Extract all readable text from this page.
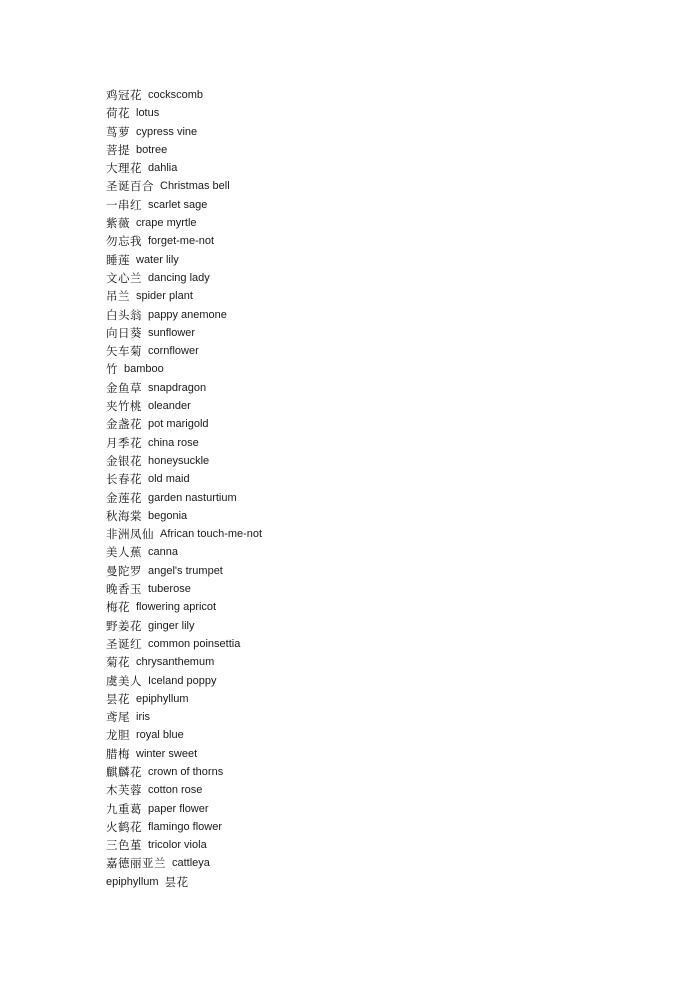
鸡冠花 cockscomb
荷花 lotus
茑萝 cypress vine
菩提 botree
大理花 dahlia
圣诞百合 Christmas bell
一串红 scarlet sage
紫薇 crape myrtle
勿忘我 forget-me-not
睡莲 water lily
文心兰 dancing lady
吊兰 spider plant
白头翁 pappy anemone
向日葵 sunflower
矢车菊 cornflower
竹 bamboo
金鱼草 snapdragon
夹竹桃 oleander
金盏花 pot marigold
月季花 china rose
金银花 honeysuckle
长春花 old maid
金莲花 garden nasturtium
秋海棠 begonia
非洲凤仙 African touch-me-not
美人蕉 canna
曼陀罗 angel's trumpet
晚香玉 tuberose
梅花 flowering apricot
野姜花 ginger lily
圣诞红 common poinsettia
菊花 chrysanthemum
虞美人 Iceland poppy
昙花 epiphyllum
鸢尾 iris
龙胆 royal blue
腊梅 winter sweet
麒麟花 crown of thorns
木芙蓉 cotton rose
九重葛 paper flower
火鹤花 flamingo flower
三色堇 tricolor viola
嘉德丽亚兰 cattleya
epiphyllum 昙花
